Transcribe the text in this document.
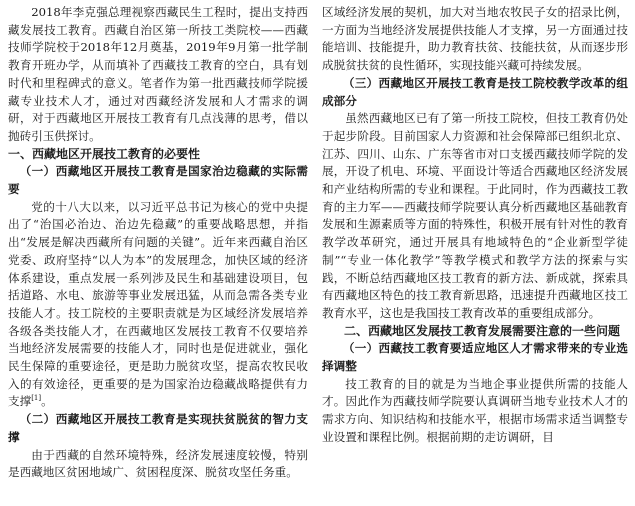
2018年李克强总理视察西藏民生工程时，提出支持西藏发展技工教育。西藏自治区第一所技工类院校——西藏技师学院校于2018年12月奠基，2019年9月第一批学制教育开班办学，从而填补了西藏技工教育的空白，具有划时代和里程碑式的意义。笔者作为第一批西藏技师学院援藏专业技术人才，通过对西藏经济发展和人才需求的调研，对于西藏地区开展技工教育有几点浅薄的思考，借以抛砖引玉供探讨。

一、西藏地区开展技工教育的必要性

（一）西藏地区开展技工教育是国家治边稳藏的实际需要

党的十八大以来，以习近平总书记为核心的党中央提出了“治国必治边、治边先稳藏”的重要战略思想，并指出“发展是解决西藏所有问题的关键”。近年来西藏自治区党委、政府坚持“以人为本”的发展理念，加快区域的经济体系建设，重点发展一系列涉及民生和基础建设项目，包括道路、水电、旅游等事业发展迅猛，从而急需各类专业技能人才。技工院校的主要职责就是为区域经济发展培养各级各类技能人才，在西藏地区发展技工教育不仅要培养当地经济发展需要的技能人才，同时也是促进就业，强化民生保障的重要途径，更是助力脱贫攻坚，提高农牧民收入的有效途径，更重要的是为国家治边稳藏战略提供有力支撑[1]。

（二）西藏地区开展技工教育是实现扶贫脱贫的智力支撑

由于西藏的自然环境特殊，经济发展速度较慢，特别是西藏地区贫困地域广、贫困程度深、脱贫攻坚任务重。

区域经济发展的契机，加大对当地农牧民子女的招录比例，一方面为当地经济发展提供技能人才支撑，另一方面通过技能培训、技能提升，助力教育扶贫、技能扶贫，从而逐步形成脱贫扶贫的良性循环，实现技能兴藏可持续发展。

（三）西藏地区开展技工教育是技工院校教学改革的组成部分

虽然西藏地区已有了第一所技工院校，但技工教育仍处于起步阶段。目前国家人力资源和社会保障部已组织北京、江苏、四川、山东、广东等省市对口支援西藏技师学院的发展，开设了机电、环境、平面设计等适合西藏地区经济发展和产业结构所需的专业和课程。于此同时，作为西藏技工教育的主力军——西藏技师学院要认真分析西藏地区基础教育发展和生源素质等方面的特殊性，积极开展有针对性的教育教学改革研究，通过开展具有地域特色的“企业新型学徒制”“专业一体化教学”等教学模式和教学方法的探索与实践，不断总结西藏地区技工教育的新方法、新成就，探索具有西藏地区特色的技工教育新思路，迅速提升西藏地区技工教育水平，这也是我国技工教育改革的重要组成部分。

二、西藏地区发展技工教育发展需要注意的一些问题

（一）西藏技工教育要适应地区人才需求带来的专业选择调整

技工教育的目的就是为当地企事业提供所需的技能人才。因此作为西藏技师学院要认真调研当地专业技术人才的需求方向、知识结构和技能水平，根据市场需求适当调整专业设置和课程比例。根据前期的走访调研，目
